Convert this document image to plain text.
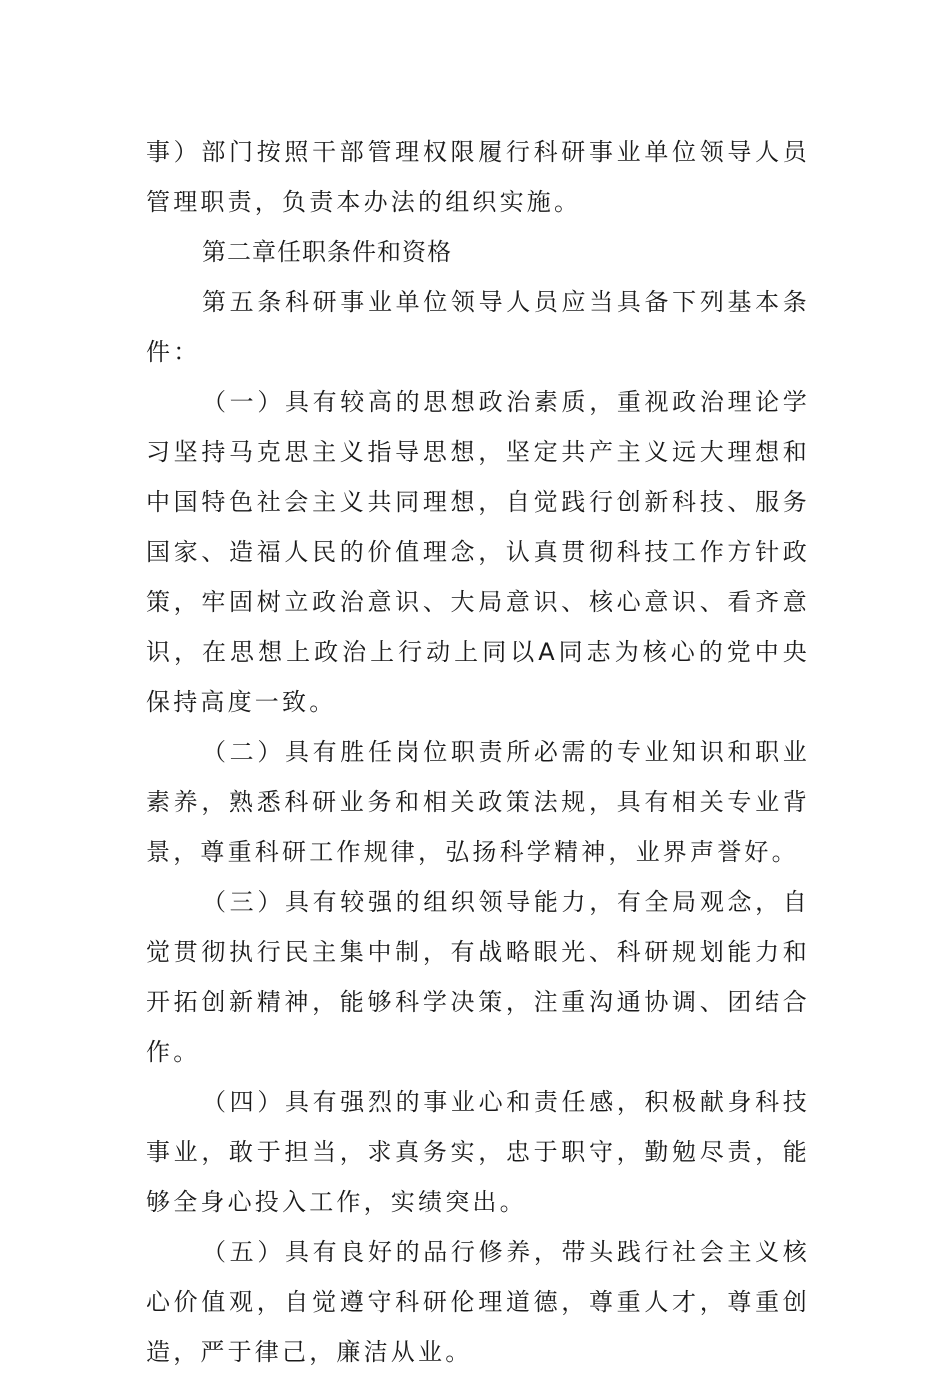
事）部门按照干部管理权限履行科研事业单位领导人员管理职责，负责本办法的组织实施。

第二章任职条件和资格

第五条科研事业单位领导人员应当具备下列基本条件：

（一）具有较高的思想政治素质，重视政治理论学习坚持马克思主义指导思想，坚定共产主义远大理想和中国特色社会主义共同理想，自觉践行创新科技、服务国家、造福人民的价值理念，认真贯彻科技工作方针政策，牢固树立政治意识、大局意识、核心意识、看齐意识，在思想上政治上行动上同以A同志为核心的党中央保持高度一致。

（二）具有胜任岗位职责所必需的专业知识和职业素养，熟悉科研业务和相关政策法规，具有相关专业背景，尊重科研工作规律，弘扬科学精神，业界声誉好。

（三）具有较强的组织领导能力，有全局观念，自觉贯彻执行民主集中制，有战略眼光、科研规划能力和开拓创新精神，能够科学决策，注重沟通协调、团结合作。

（四）具有强烈的事业心和责任感，积极献身科技事业，敢于担当，求真务实，忠于职守，勤勉尽责，能够全身心投入工作，实绩突出。

（五）具有良好的品行修养，带头践行社会主义核心价值观，自觉遵守科研伦理道德，尊重人才，尊重创造，严于律己，廉洁从业。
